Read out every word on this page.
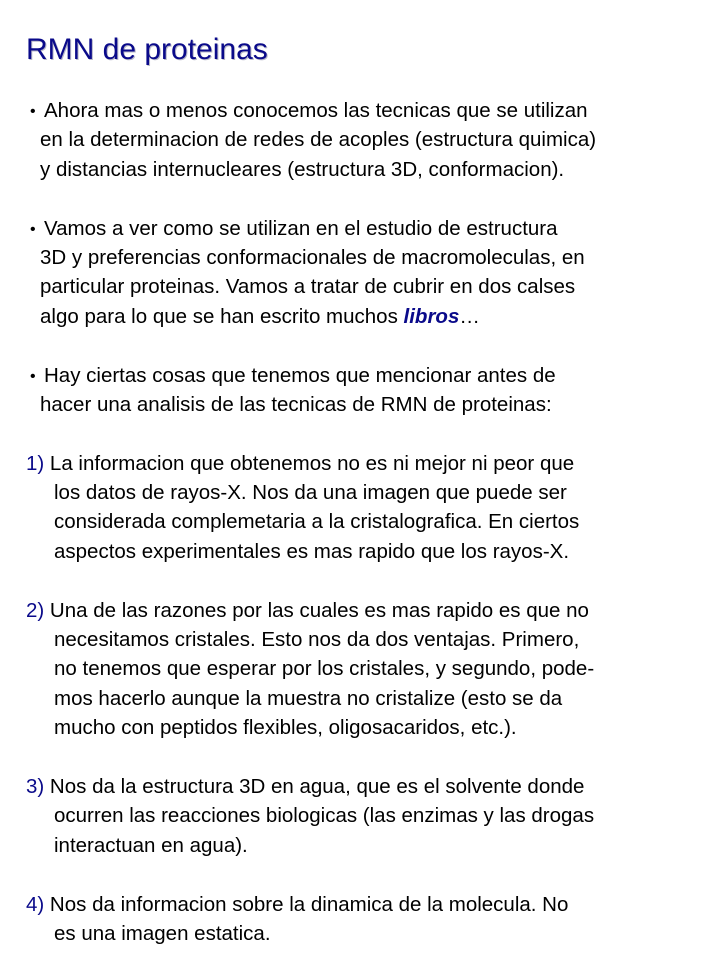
RMN de proteinas
• Ahora mas o menos conocemos las tecnicas que se utilizan
en la determinacion de redes de acoples (estructura quimica)
y distancias internucleares (estructura 3D, conformacion).
• Vamos a ver como se utilizan en el estudio de estructura
3D y preferencias conformacionales de macromoleculas, en
particular proteinas. Vamos a tratar de cubrir en dos calses
algo para lo que se han escrito muchos libros…
• Hay ciertas cosas que tenemos que mencionar antes de
hacer una analisis de las tecnicas de RMN de proteinas:
1) La informacion que obtenemos no es ni mejor ni peor que
los datos de rayos-X. Nos da una imagen que puede ser
considerada complemetaria a la cristalografica. En ciertos
aspectos experimentales es mas rapido que los rayos-X.
2) Una de las razones por las cuales es mas rapido es que no
necesitamos cristales. Esto nos da dos ventajas. Primero,
no tenemos que esperar por los cristales, y segundo, pode-
mos hacerlo aunque la muestra no cristalize (esto se da
mucho con peptidos flexibles, oligosacaridos, etc.).
3) Nos da la estructura 3D en agua, que es el solvente donde
ocurren las reacciones biologicas (las enzimas y las drogas
interactuan en agua).
4) Nos da informacion sobre la dinamica de la molecula. No
es una imagen estatica.
